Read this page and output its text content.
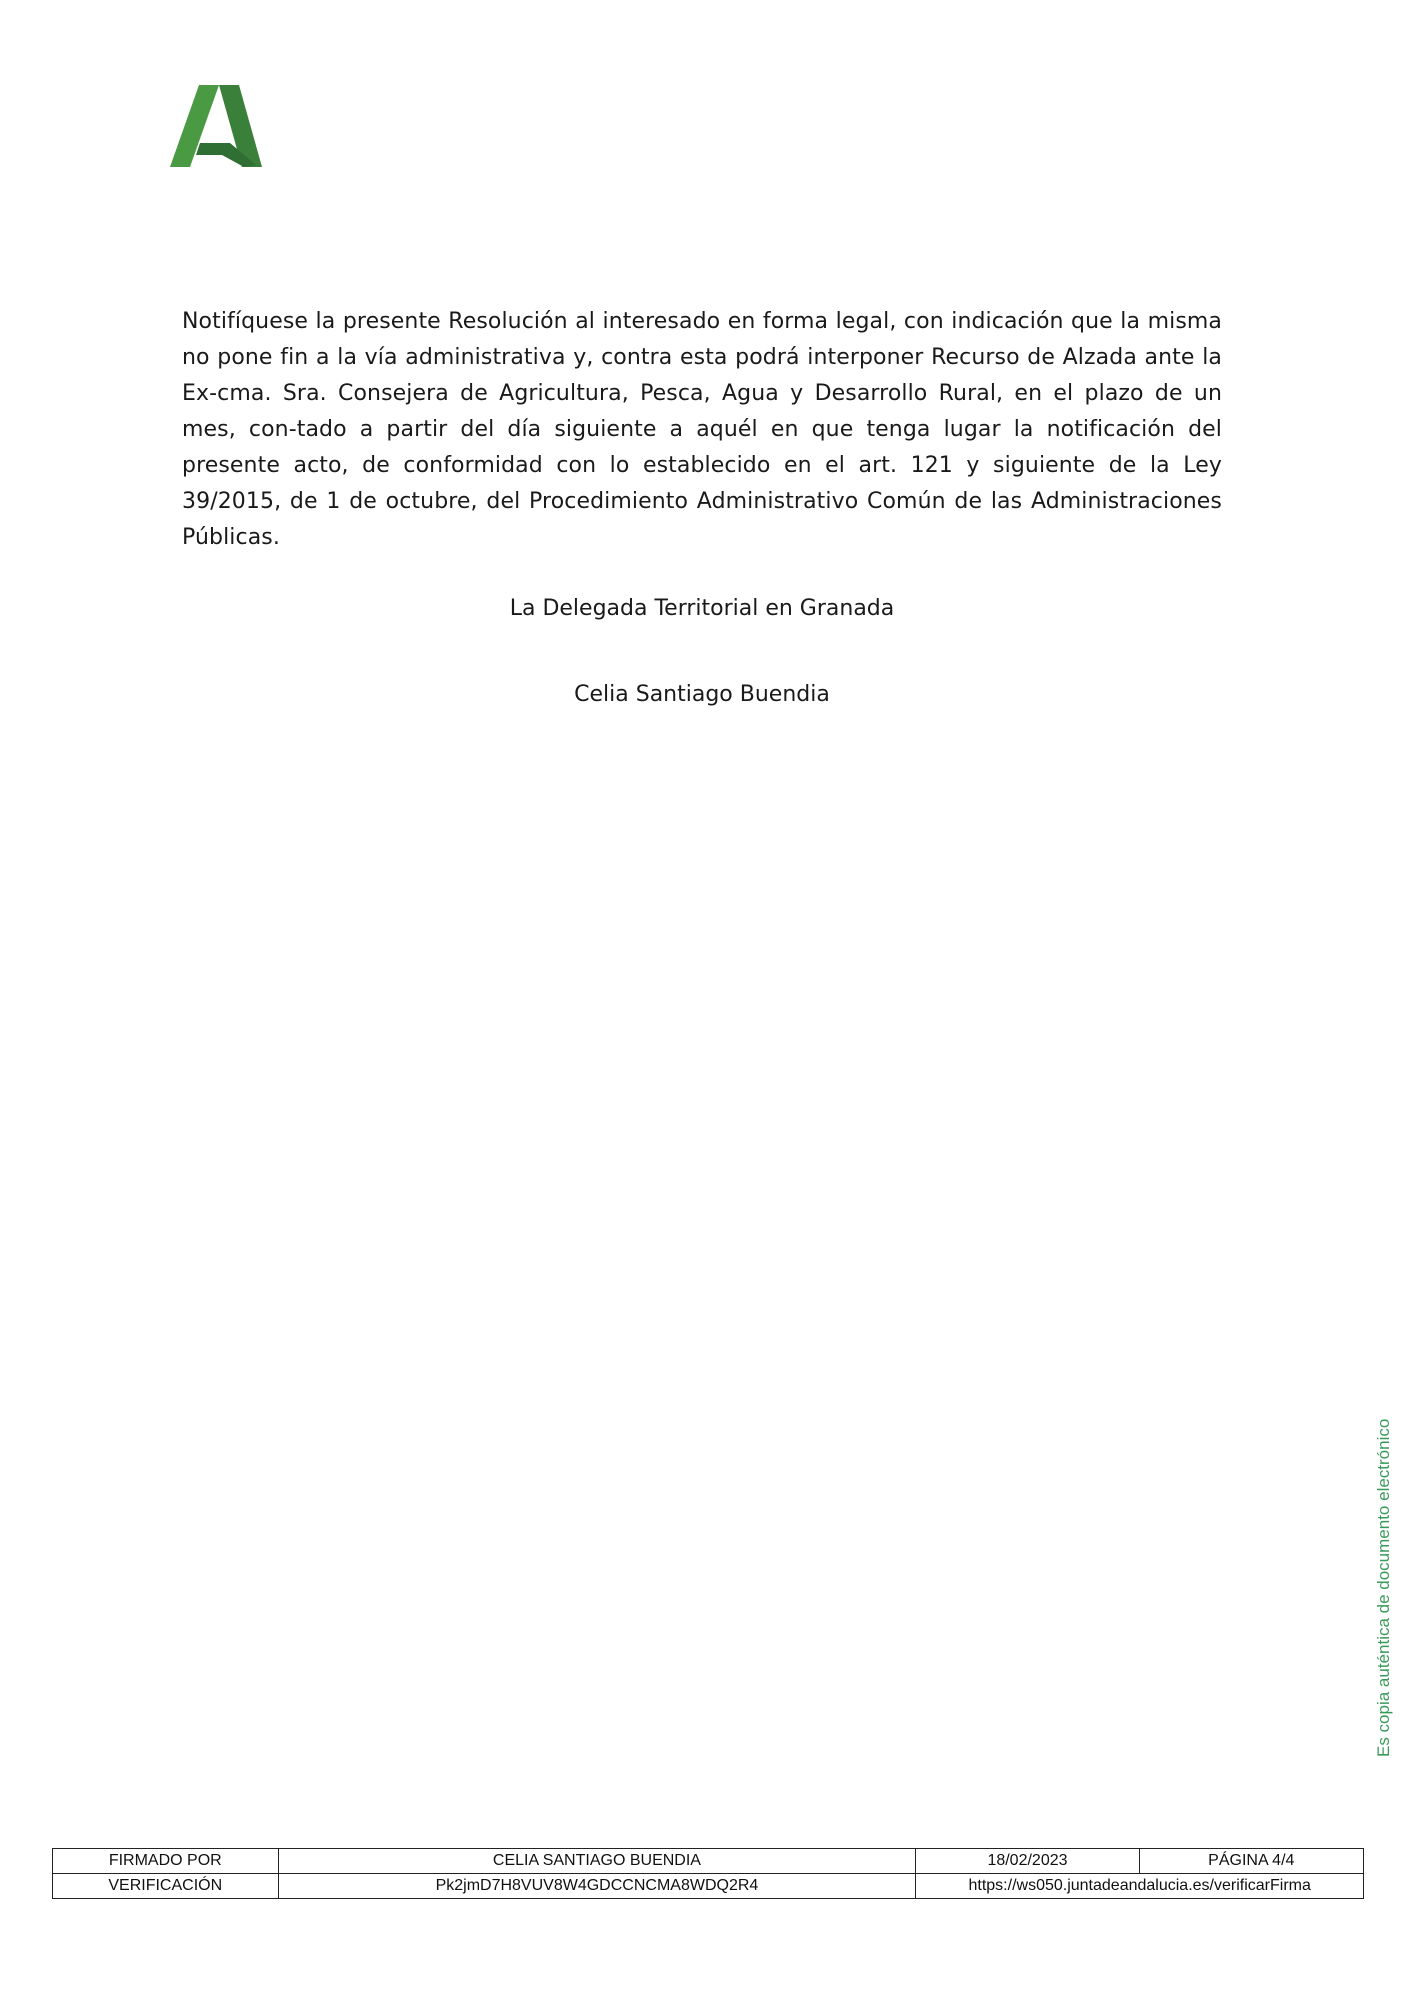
Notifíquese la presente Resolución al interesado en forma legal, con indicación que la misma no pone fin a la vía administrativa y, contra esta podrá interponer Recurso de Alzada ante la Ex-cma. Sra. Consejera de Agricultura, Pesca, Agua y Desarrollo Rural, en el plazo de un mes, con-tado a partir del día siguiente a aquél en que tenga lugar la notificación del presente acto, de conformidad con lo establecido en el art. 121 y siguiente de la Ley 39/2015, de 1 de octubre, del Procedimiento Administrativo Común de las Administraciones Públicas.

La Delegada Territorial en Granada

Celia Santiago Buendia

Es copia auténtica de documento electrónico
FIRMADO POR	CELIA SANTIAGO BUENDIA	18/02/2023	PÁGINA 4/4
VERIFICACIÓN	Pk2jmD7H8VUV8W4GDCCNCMA8WDQ2R4	https://ws050.juntadeandalucia.es/verificarFirma	
